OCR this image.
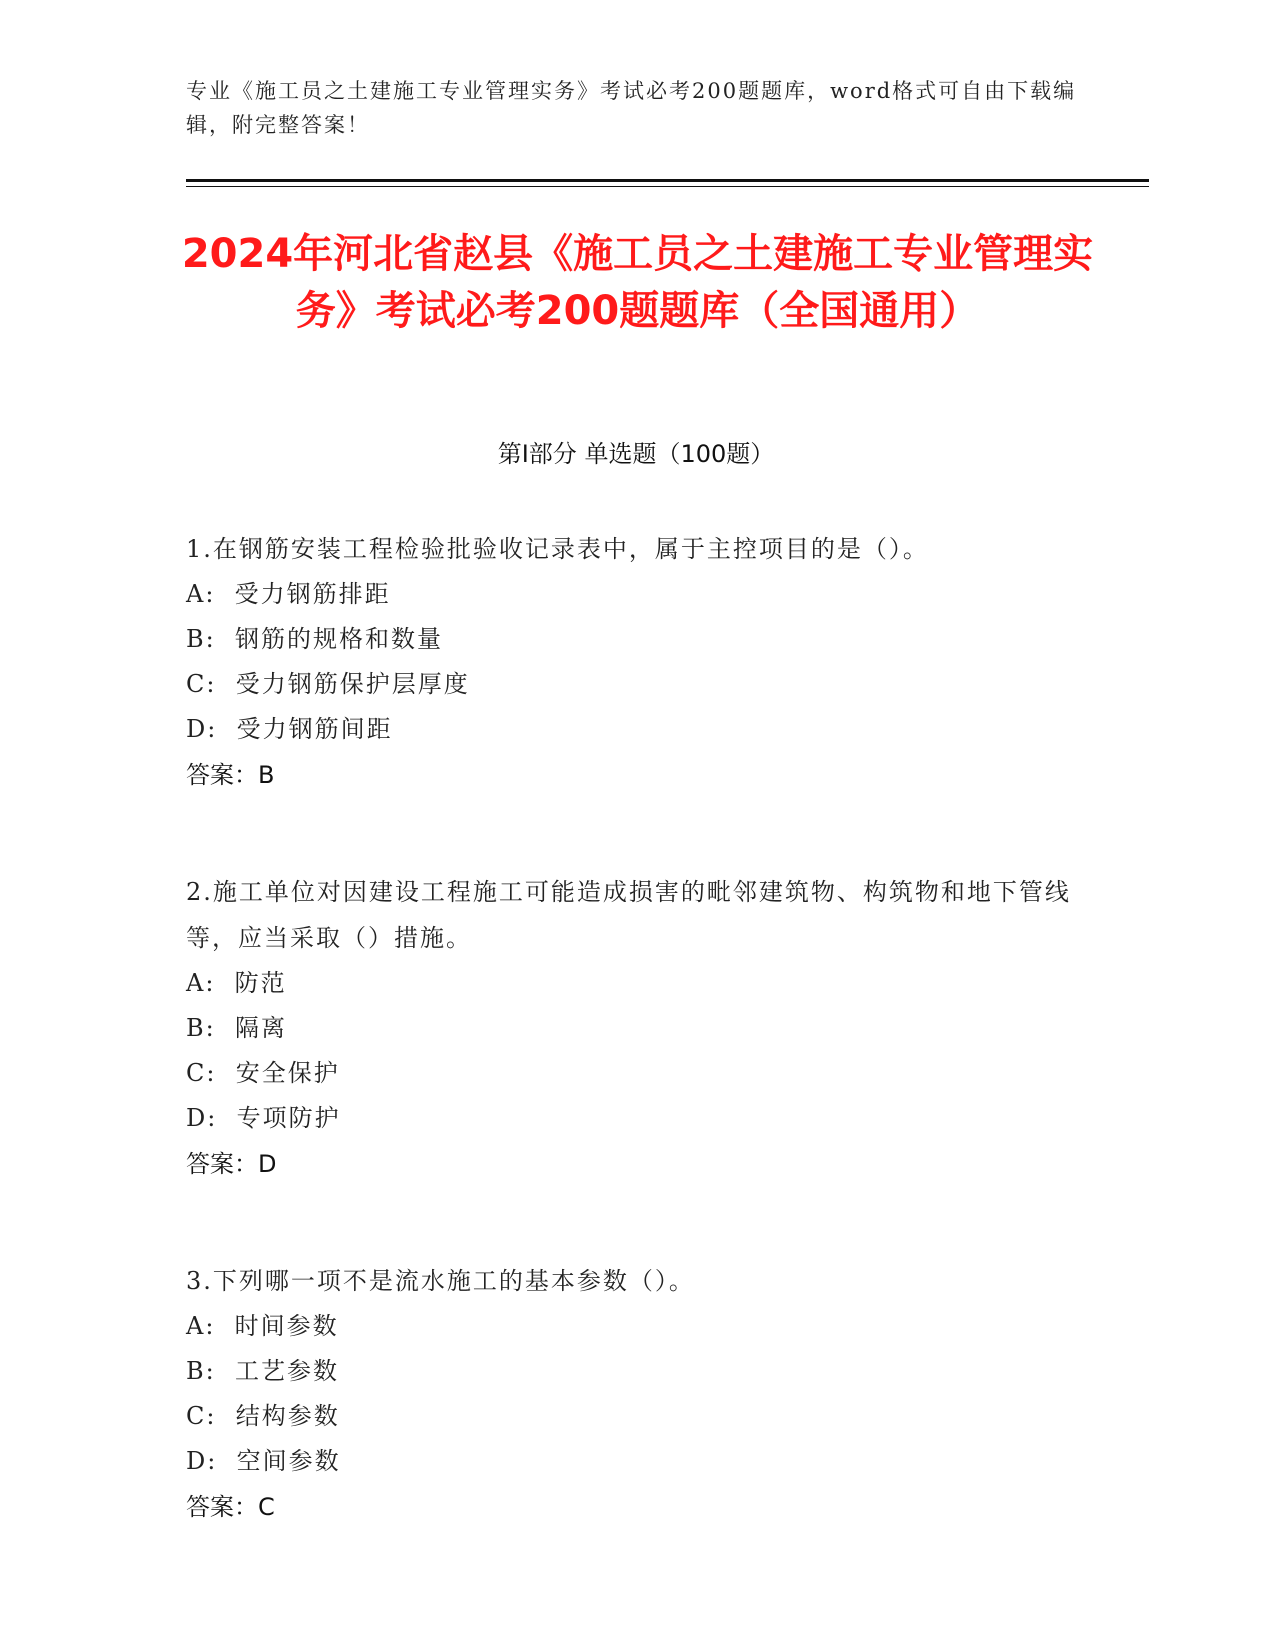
专业《施工员之土建施工专业管理实务》考试必考200题题库，word格式可自由下载编辑，附完整答案！
2024年河北省赵县《施工员之土建施工专业管理实务》考试必考200题题库（全国通用）
第Ⅰ部分 单选题（100题）
1.在钢筋安装工程检验批验收记录表中，属于主控项目的是（）。
A:  受力钢筋排距
B:  钢筋的规格和数量
C:  受力钢筋保护层厚度
D:  受力钢筋间距
答案：B
2.施工单位对因建设工程施工可能造成损害的毗邻建筑物、构筑物和地下管线等，应当采取（）措施。
A:  防范
B:  隔离
C:  安全保护
D:  专项防护
答案：D
3.下列哪一项不是流水施工的基本参数（）。
A:  时间参数
B:  工艺参数
C:  结构参数
D:  空间参数
答案：C
